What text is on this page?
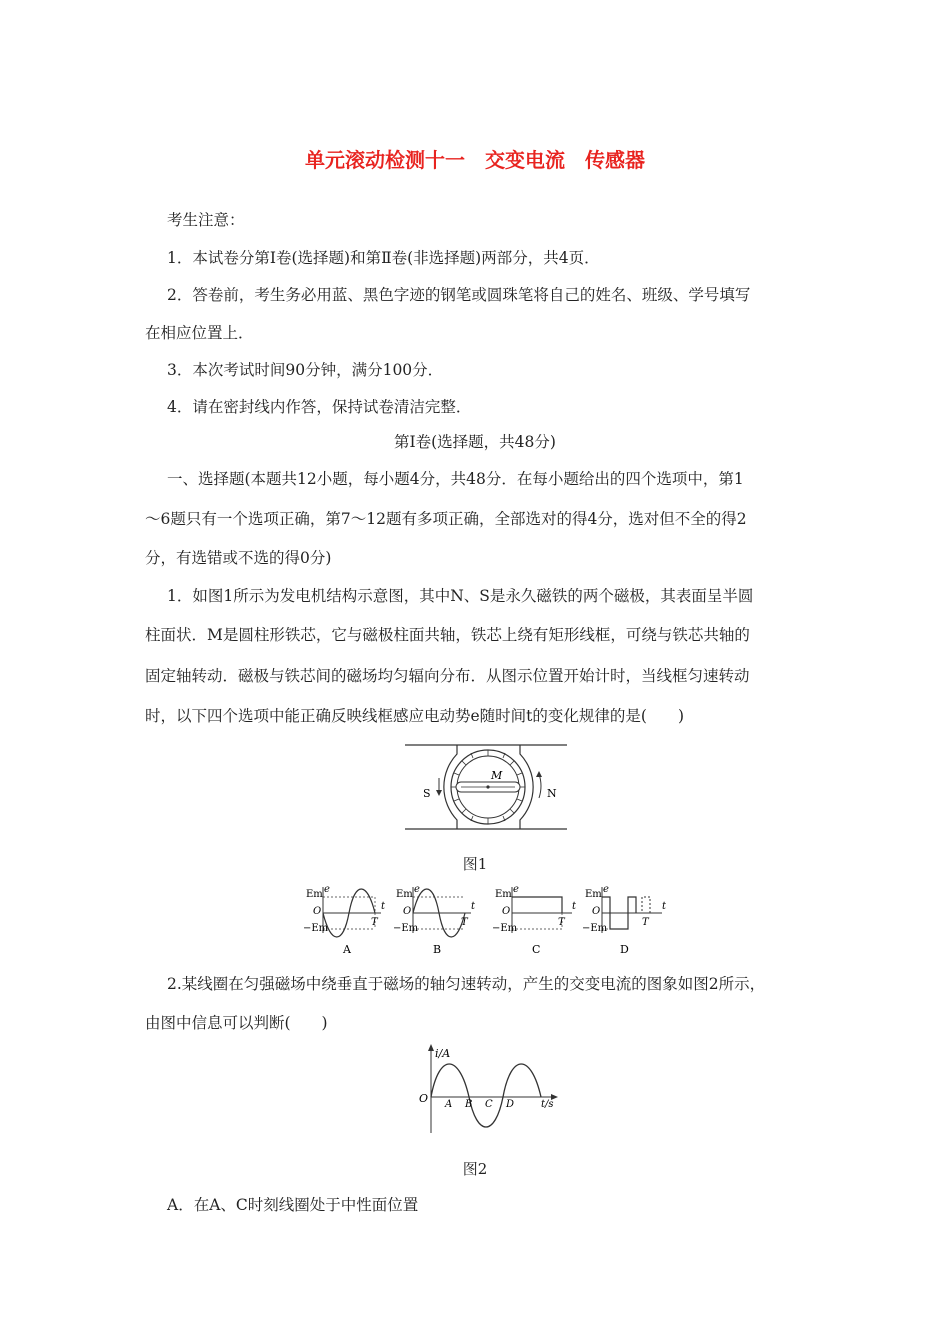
单元滚动检测十一　交变电流　传感器
考生注意：
1．本试卷分第Ⅰ卷(选择题)和第Ⅱ卷(非选择题)两部分，共4页．
2．答卷前，考生务必用蓝、黑色字迹的钢笔或圆珠笔将自己的姓名、班级、学号填写
在相应位置上．
3．本次考试时间90分钟，满分100分．
4．请在密封线内作答，保持试卷清洁完整．
第Ⅰ卷(选择题，共48分)
一、选择题(本题共12小题，每小题4分，共48分．在每小题给出的四个选项中，第1
～6题只有一个选项正确，第7～12题有多项正确，全部选对的得4分，选对但不全的得2
分，有选错或不选的得0分)
1．如图1所示为发电机结构示意图，其中N、S是永久磁铁的两个磁极，其表面呈半圆
柱面状．M是圆柱形铁芯，它与磁极柱面共轴，铁芯上绕有矩形线框，可绕与铁芯共轴的
固定轴转动．磁极与铁芯间的磁场均匀辐向分布．从图示位置开始计时，当线框匀速转动
时，以下四个选项中能正确反映线框感应电动势e随时间t的变化规律的是(　　)
M
S	N
图1
Em e
O
−Em
t
T
A
Em e
O
−Em
t
T
B
Em e
O
−Em
t
T
C
Em e
O
−Em
t
T
D
2.某线圈在匀强磁场中绕垂直于磁场的轴匀速转动，产生的交变电流的图象如图2所示，
由图中信息可以判断(　　)
i/A
O A B C D	t/s
图2
A．在A、C时刻线圈处于中性面位置
